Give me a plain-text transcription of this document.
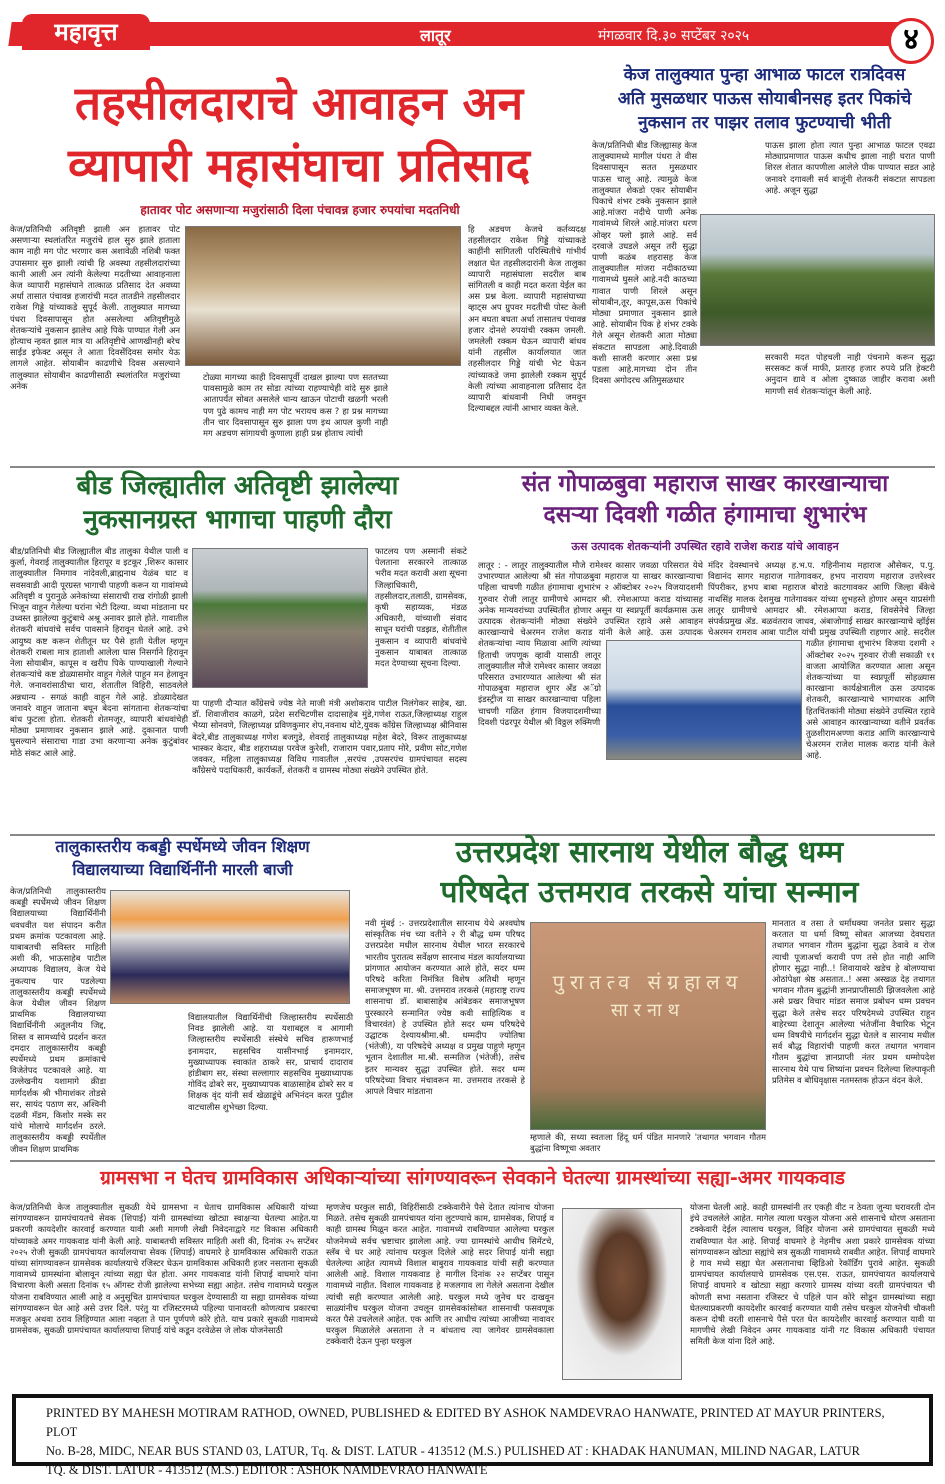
महावृत्त	लातूर	मंगळवार दि.३० सप्टेंबर २०२५	४
तहसीलदाराचे आवाहन अन
व्यापारी महासंघाचा प्रतिसाद
हातावर पोट असणाऱ्या मजुरांसाठी दिला पंचावन्न हजार रुपयांचा मदतनिधी
केज/प्रतिनिधी अतिवृष्टी झाली अन हातावर पोट असणाऱ्या स्थलांतरित मजुरांचे हाल सुरु झाले हाताला काम नाही मग पोट भरणार कस अशावेळी नशिबी फक्त उपासमार सुरु झाली त्यांची हि अवस्था तहसीलदारांच्या कानी आली अन त्यांनी केलेल्या मदतीच्या आवाहनाला केज व्यापारी महासंघाने तात्काळ प्रतिसाद देत अवघ्या अर्धा तासात पंचावन्न हजारांची मदत तातडीने तहसीलदार राकेश गिड्डे यांच्याकडे सुपूर्द केली. तालुक्यात मागच्या पंधरा दिवसापासून होत असलेल्या अतिवृष्टीमुळे शेतकऱ्यांचे नुकसान झालेच आहे पिके पाण्यात गेली अन होत्याच न्हवत झाल मात्र या अतिवृष्टीचे आणखीनही बरेच साईड इफेक्ट असून ते आता दिवसेंदिवस समोर येऊ लागले आहेत. सोयाबीन काढणीचे दिवस असल्याने तालुक्यात सोयाबीन काढणीसाठी स्थलांतरित मजुरांच्या अनेक
टोळ्या मागच्या काही दिवसापूर्वी दाखल झाल्या पण सततच्या पावसामुळे काम तर सोडा त्यांच्या राहण्याचेही वांदे सुरु झाले आतापर्यंत सोबत असलेले धान्य खाऊन पोटाची खळगी भरली पण पुढे कामच नाही मग पोट भरायच कस ? हा प्रश्न मागच्या तीन चार दिवसापासून सुरु झाला पण इथ आपल कुणी नाही मग अडचण सांगायची कुणाला हाही प्रश्न होताच त्यांची
हि अडचण केजचे कर्तव्यदक्ष तहसीलदार राकेश गिड्डे यांच्याकडे काहींनी सांगितली परिस्थितीचे गांभीर्य लक्षात घेत तहसीलदारांनी केज तालुका व्यापारी महासंघाला सदरील बाब सांगितली व काही मदत करता येईल का अस प्रश्न केला. व्यापारी महासंघाच्या व्हाट्स अप ग्रुपवर मदतीची पोस्ट केली अन बघता बघता अर्धा तासातच पंचावन्न हजार दोनशे रुपयांची रक्कम जमली. जमलेली रक्कम घेऊन व्यापारी बांधव यांनी तहसील कार्यालयात जात तहसीलदार गिड्डे यांची भेट घेऊन त्यांच्याकडे जमा झालेली रक्कम सुपूर्द केली त्यांच्या आवाहनाला प्रतिसाद देत व्यापारी बांधवानी निधी जमवून दिल्याबद्दल त्यांनी आभार व्यक्त केले.
केज तालुक्यात पुन्हा आभाळ फाटल रात्रदिवस
अति मुसळधार पाऊस सोयाबीनसह इतर पिकांचे
नुकसान तर पाझर तलाव फुटण्याची भीती
केज/प्रतिनिधी बीड जिल्ह्यासह केज तालुक्यामध्ये मागील पंधरा ते वीस दिवसापासून सतत मुसळधार पाऊस चालू आहे. त्यामुळे केज तालुक्यात शेकडो एकर सोयाबीन पिकाचे शंभर टक्के नुकसान झाले आहे.मांजरा नदीचे पाणी अनेक गावांमध्ये शिरले आहे.मांजरा धरण ओव्हर फ्लो झाले आहे. सर्व दरवाजे उघडले असून तरी सुद्धा पाणी कळंब शहरासह केज तालुक्यातील मांजरा नदीकाठच्या गावामध्ये घुसले आहे.नदी काठच्या गावात पाणी शिरले असून सोयाबीन,तूर, कापूस,ऊस पिकांचे मोठ्या प्रमाणात नुकसान झाले आहे. सोयाबीन पिक हे शंभर टक्के गेले असून शेतकरी आता मोठ्या संकटात सापडला आहे.दिवाळी कशी साजरी करणार असा प्रश्न पडला आहे.मागच्या दोन तीन दिवसा अगोदरच अतिमुसळधार
पाऊस झाला होता त्यात पुन्हा आभाळ फाटल एवढा मोठ्याप्रमाणात पाऊस कधीच झाला नाही घरात पाणी शिरल शेतात कापणीला आलेले पीक पाण्यात सडत आहे जनावरे दगावली सर्व बाजूंनी शेतकरी संकटात सापडला आहे. अजून सुद्धा
सरकारी मदत पोहचली नाही पंचनामे करून सुद्धा सरसकट कर्ज माफी, प्रतारह हजार रुपये प्रति हेक्टरी अनुदान द्यावे व ओला दुष्काळ जाहीर करावा अशी मागणी सर्व शेतकऱ्यांतून केली आहे.
बीड जिल्ह्यातील अतिवृष्टी झालेल्या
नुकसानग्रस्त भागाचा पाहणी दौरा
बीड/प्रतिनिधी बीड जिल्ह्यातील बीड तालुका येथील पाली व कुर्ला, गेवराई तालुक्यातील हिरापूर व इटकूर ,शिरूर कासार तालुक्यातील निमगाव नांदेवली,ब्राह्मनाथ येळंब घाट व सवसवाडी आदी पूरग्रस्त भागाची पाहणी करून या गावांमध्ये अतिवृष्टी व पुरानुळे अनेकांच्या संसाराची राख रांगोळी झाली भिजून वाहून गेलेल्या घरांना भेटी दिल्या. व्यथा मांडताना घर उध्वस्त झालेल्या कुटुंबाचे अश्रू अनावर झाले होते. गावातील शेतकरी बांधवांचे सर्वच पावसाने हिरावून घेतले आहे. उभे आयुष्य कष्ट करून शेतीतून घर पैसे हाती येतील म्हणून शेतकरी राबला मात्र हाताशी आलेला घास निसर्गाने हिरावून नेला सोयाबीन, कापूस व खरीप पिके पाण्याखाली गेल्याने शेतकऱ्यांचे कष्ट डोळ्यासमोर वाहून गेलेले पाहून मन हेलावून गेले. जनावरांसाठीचा चारा, शेतातील विहिरी, साठवलेले अन्नधान्य - सगळं काही वाहून गेले आहे. डोळ्यादेखत जनावरे वाहून जाताना बघून बेदना सांगताना शेतकऱ्यांचा बांध फुटला होता. शेतकरी शेतमजूर, व्यापारी बांधवांचेही मोठ्या प्रमाणावर नुकसान झाले आहे. दुकानात पाणी घुसल्याने संसाराचा गाडा उभा करणाऱ्या अनेक कुटुंबांवर मोठे संकट आले आहे.
फाटलय पण अस्मानी संकटे पेलताना सरकारने तात्काळ भरीव मदत करावी अशा सूचना जिल्हाधिकारी, तहसीलदार,तलाठी, ग्रामसेवक, कृषी सहाय्यक, मंडळ अधिकारी, यांच्याशी संवाद साधून घरांची पडझड, शेतीतील नुकसान व व्यापारी बांधवांचे नुकसान याबाबत तात्काळ मदत देण्याच्या सूचना दिल्या.
या पाहणी दौऱ्यात काँग्रेसचे ज्येष्ठ नेते माजी मंत्री अशोकराव पाटील निलंगेकर साहेब, खा. डॉ. शिवाजीराव काळगे, प्रदेश सरचिटणीस दादासाहेब मुंडे,गणेश राऊत,जिल्हाध्यक्ष राहुल भैय्या सोनवणे, जिल्हाध्यक्ष प्रविणकुमार शेप,नवनाथ थोटे,युवक काँग्रेस जिल्हाध्यक्ष श्रीनिवास बेदरे,बीड तालुकाध्यक्ष गणेश बजगुडे, शेवराई तालुकाध्यक्ष महेश बेदरे, विरूर तालुकाध्यक्ष भास्कर केदार, बीड शहराध्यक्ष परवेज कुरेशी, राजाराम पवार,प्रताप मोरे, प्रवीण सोट,गणेश जवकर, महिला तालुकाध्यक्ष विविध गावातील ,सरपंच ,उपसरपंच ग्रामपंचायत सदस्य काँग्रेसचे पदाधिकारी, कार्यकर्ते, शेतकरी व ग्रामस्थ मोठ्या संख्येने उपस्थित होते.
संत गोपाळबुवा महाराज साखर कारखान्याचा
दसऱ्या दिवशी गळीत हंगामाचा शुभारंभ
ऊस उत्पादक शेतकऱ्यांनी उपस्थित रहावे राजेश कराड यांचे आवाहन
लातूर : - लातूर तालुक्यातील मौजे रामेश्वर कासार जवळा परिसरात येथे उभारण्यात आलेल्या श्री संत गोपाळबुवा महाराज या साखर कारखान्याचा पहिला चाचणी गळीत हंगामाचा शुभारंभ २ ऑक्टोबर २०२५ विजयादशमी गुरुवार रोजी लातूर ग्रामीणचे आमदार श्री. रमेशआप्पा कराड यांच्यासह अनेक मान्यवरांच्या उपस्थितीत होणार असून या स्वप्नपूर्ती कार्यक्रमास ऊस उत्पादक शेतकऱ्यांनी मोठ्या संख्येने उपस्थित रहावे असे आवाहन कारखान्याचे चेअरमन राजेश कराड यांनी केले आहे. ऊस उत्पादक शेतकऱ्यांचा न्याय मिळावा आणि त्यांच्या हिताची जपणूक व्हावी यासाठी लातूर तालुक्यातील मौजे रामेश्वर कासार जवळा परिसरात उभारण्यात आलेल्या श्री संत गोपाळबुवा महाराज शुगर ॲंड अॅग्रो इंडस्ट्रीज या साखर कारखान्याचा पहिला चाचणी गळित हंगाम विजयादशमीच्या दिवशी पंढरपूर येथील श्री विठ्ठल रुक्मिणी
मंदिर देवस्थानचे अध्यक्ष ह.भ.प. गहिनीनाथ महाराज औसेकर, प.पु. विद्यानंद सागर महाराज गातेगावकर, हभप नारायण महाराज उत्तरेश्वर पिंपरीकर, हभप बाबा महाराज बोराडे काटगावकर आणि जिल्हा बँकेचे नाथसिंह मालक देशमुख गातेगावकर यांच्या शुभहस्ते होणार असून याप्रसंगी लातूर ग्रामीणचे आमदार श्री. रमेशआप्पा कराड, शिवसेनेचे जिल्हा संपर्कप्रमुख ॲड. बळवंतराव जाधव, अंबाजोगाई साखर कारखान्याचे व्हॉईस चेअरमन रामराव आबा पाटील यांची प्रमुख उपस्थिती राहणार आहे. सदरील गळीत हंगामाचा शुभारंभ विजया दशमी २ ऑक्टोबर २०२५ गुरुवार रोजी सकाळी ११ वाजता आयोजित करण्यात आला असून शेतकऱ्यांच्या या स्वप्नपूर्ती सोहळ्यास कारखाना कार्यक्षेत्रातील ऊस उत्पादक शेतकरी, कारखान्याचे भागधारक आणि हितचिंतकांनी मोठ्या संख्येने उपस्थित रहावे असे आवाहन कारखान्याच्या वतीने प्रवर्तक तुळशीरामअण्णा कराड आणि कारखान्याचे चेअरमन राजेश मालक कराड यांनी केले आहे.
तालुकास्तरीय कबड्डी स्पर्धेमध्ये जीवन शिक्षण
विद्यालयाच्या विद्यार्थिनींनी मारली बाजी
केज/प्रतिनिधी तालुकास्तरीय कबड्डी स्पर्धेमध्ये जीवन शिक्षण विद्यालयाच्या विद्यार्थिनींनी धवधवीत यश संपादन करीत प्रथम क्रमांक पटकावला आहे. याबाबतची सविस्तर माहिती अशी की, भाऊसाहेब पाटील अध्यापक विद्यालय, केज येथे नुकत्याच पार पडलेल्या तालुकास्तरीय कबड्डी स्पर्धेमध्ये केज येथील जीवन शिक्षण प्राथमिक विद्यालयाच्या विद्यार्थिनींनी अतुलनीय जिद्द, शिस्त व सामर्थ्याचे प्रदर्शन करत दमदार तालुकास्तरीय कबड्डी स्पर्धेमध्ये प्रथम क्रमांकाचे विजेतेपद पटकावले आहे. या उल्लेखनीय यशामागे क्रीडा मार्गदर्शक श्री भीमाशंकर तोडसे सर, सायंद पठाण सर, अश्विनी दळवी मॅडम, किशोर मस्के सर यांचे मोलाचे मार्गदर्शन ठरले. तालुकास्तरीय कबड्डी स्पर्धेतील जीवन शिक्षण प्राथमिक
विद्यालयातील विद्यार्थिनींची जिल्हास्तरीय स्पर्धेसाठी निवड झालेली आहे. या यशाबद्दल व आगामी जिल्हास्तरीय स्पर्धेसाठी संस्थेचे सचिव हारूणभाई इनामदार, सहसचिव यासीनभाई इनामदार, मुख्याध्यापक स्वाकांत ठाकरे सर, प्राचार्य दादाराव हांडीबाग सर, संस्था सल्लागार सहसचिव मुख्याध्यापक गोविंद ढोबरे सर, मुख्याध्यापक बाळासाहेब ढोबरे सर व शिक्षक वृंद यांनी सर्व खेळाडूंचे अभिनंदन करत पुढील वाटचालीस शुभेच्छा दिल्या.
उत्तरप्रदेश सारनाथ येथील बौद्ध धम्म
परिषदेत उत्तमराव तरकसे यांचा सन्मान
नवी मुंबई :- उत्तरप्रदेशातील सारनाथ येथे अश्वघोष सांस्कृतिक मंच च्या वतीने २ री बौद्ध धम्म परिषद उत्तरप्रदेश मधील सारनाथ येथील भारत सरकारचे भारतीय पुरातत्व सर्वेक्षण सारनाथ मंडल कार्यालयाच्या प्रांगणात आयोजन करण्यात आले होते, सदर धम्म परिषदे करिता निमंत्रित विशेष अतिथी म्हणून समाजभूषण मा. श्री. उत्तमराव तरकसे (महाराष्ट्र राज्य शासनाचा डॉ. बाबासाहेब आंबेडकर समाजभूषण पुरस्कारने सन्मानित ज्येष्ठ कवी साहित्यिक व विचारवंत) हे उपस्थित होते सदर धम्म परिषदेचे उद्घाटक देश्यायश्रीमा.श्री. धम्मदीप ज्योतिषा (भंतेजी), या परिषदेचे अध्यक्ष व प्रमुख पाहुणे म्हणून भूतान देशातील मा.श्री. सन्मतिज (भंतेजी), तसेच इतर मान्यवर सुद्धा उपस्थित होते. सदर धम्म परिषदेच्या विचार मंचावरून मा. उत्तमराव तरकसे हे आपले विचार मांडताना
पुरातत्व संग्रहालय
सारनाथ
म्हणाले की, सध्या स्वतःला हिंदू धर्म पंडित मानणारे 'तथागत भगवान गौतम बुद्धांना विष्णूचा अवतार
मानतात व तसा ते धर्मांधक्या जनतेत प्रसार सुद्धा करतात या धर्मा विष्णू सोबत आजच्या देवघरात तथागत भगवान गौतम बुद्धांना सुद्धा ठेवावे व रोज त्याची पूजाअर्चा करावी पण तसे होत नाही आणि होणार सुद्धा नाही..! शिवायावरे खडेच हे बोलण्याचा ओठांपेक्षा श्रेष्ठ असतात..! असा अस्खळ देह तथागत भगवान गौतम बुद्धांनी ज्ञानप्राप्तीसाठी झिजवलेला आहे असे प्रखर विचार मांडत समाज प्रबोधन धम्म प्रवचन सुद्धा केले तसेच सदर परिषदेमध्ये उपस्थित राहून बाहेरच्या देशातून आलेल्या भंतेजींना वैचारिक भेटून धम्म विषयीचे मार्गदर्शन सुद्धा घेतले व सारनाथ मधील सर्व बौद्ध विहारांची पाहणी करत तथागत भगवान गौतम बुद्धांचा ज्ञानप्राप्ती नंतर प्रथम धम्मोपदेश सारनाथ येथे पाच शिष्यांना प्रवचन दिलेल्या शिल्पाकृती प्रतिमेस व बोधिवृक्षास नतमस्तक होऊन वंदन केले.
ग्रामसभा न घेतच ग्रामविकास अधिकाऱ्यांच्या सांगण्यावरून सेवकाने घेतल्या ग्रामस्थांच्या सह्या-अमर गायकवाड
केज/प्रतिनिधी केज तालुक्यातील सुकळी येथे ग्रामसभा न घेताच ग्रामविकास अधिकारी यांच्या सांगण्यावरून ग्रामपंचायतचे सेवक (शिपाई) यांनी ग्रामस्थांच्या खोट्या स्वाक्षऱ्या घेतल्या आहेत.या प्रकरणी कायदेशीर कारवाई करण्यात यावी अशी मागणी लेखी निवेदनाद्वारे गट विकास अधिकारी यांच्याकडे अमर गायकवाड यांनी केली आहे. याबाबतची सविस्तर माहिती अशी की, दिनांक २५ सप्टेंबर २०२५ रोजी सुकळी ग्रामपंचायत कार्यालयाचा सेवक (शिपाई) वाघमारे हे ग्रामविकास अधिकारी राऊत यांच्या सांगण्यावरून ग्रामसेवक कार्यालयाचे रजिस्टर घेऊन ग्रामविकास अधिकारी हजर नसताना सुकळी गावामध्ये ग्रामस्थांना बोलावून त्यांच्या सह्या घेत होता. अमर गायकवाड यांनी शिपाई वाघमारे यांना विचारणा केली असता दिनांक १५ ऑगस्ट रोजी झालेल्या सभेच्या सह्या आहेत. तसेच गावामध्ये घरकुल योजना राबविण्यात आली आहे व अनुसूचित ग्रामपंचायत घरकुल देण्यासाठी या सह्या ग्रामसेवक यांच्या सांगण्यावरून घेत आहे असे उत्तर दिले. परंतु या रजिस्टरमध्ये पहिल्या पानावरती कोणत्याच प्रकारचा मजकूर अथवा ठराव लिहिण्यात आला नव्हता ते पान पूर्णपणे कोरे होते. याच प्रकारे सुकळी गावामध्ये ग्रामसेवक, सुकळी ग्रामपंचायत कार्यालयाचा शिपाई यांचे कडून दरवेळेस जे लोक योजनेसाठी
म्हणजेच घरकुल साठी, विहिरींसाठी टक्केवारीने पैसे देतात त्यांनाच योजना मिळते. तसेच सुकळी ग्रामपंचायत यांना लुटण्याचे काम, ग्रामसेवक, शिपाई व काही ग्रामस्थ मिळून करत आहेत. गावामध्ये राबविण्यात आलेल्या घरकुल योजनेमध्ये सर्वच भ्रष्टाचार झालेला आहे. ज्या ग्रामस्थांचे आधीच सिमेंटचे, स्लॅब चे घर आहे त्यांनाच घरकुल दिलेले आहे सदर शिपाई यांनी सह्या घेतलेल्या आहेत त्यामध्ये विशाल बाबुराव गायकवाड यांची सही करण्यात आलेली आहे. विशाल गायकवाड हे मागील दिनांक २२ सप्टेंबर पासून गावामध्ये नाहीत. विशाल गायकवाड हे मजलगाव ला गेलेले असताना देखील त्यांची सही करण्यात आलेली आहे. घरकुल मध्ये जुनेच घर दाखवून साळ्यांनीच घरकुल योजना उचलून ग्रामसेवकांसोबत शासनाची फसवणूक करत पैसे उचलेलले आहेत. एक आणि तर आधीच त्यांच्या आजीच्या नावावर घरकुल मिळालेले असताना ते न बांधताच त्या जागेवर ग्रामसेवकाला टक्केवारी देऊन पुन्हा घरकुल
योजना घेतली आहे. काही ग्रामस्थांनी तर एकही वीट न ठेवता जुन्या घरावरती दोन इंचे उचललेले आहेत. मागेल त्याला घरकुल योजना असे शासनाचे धोरण असताना टक्केवारी देईल त्यालाच घरकुल, विहिर योजना असे ग्रामपंचायत सुकळी मध्ये राबविण्यात येत आहे. शिपाई वाघमारे हे नेहमीच अशा प्रकारे ग्रामसेवक यांच्या सांगण्यावरून खोट्या सह्यांचे सत्र सुकळी गावामध्ये राबवीत आहेत. शिपाई वाघमारे हे गाव मध्ये सह्या घेत असतानाचा व्हिडिओ रेकॉर्डिंग पुरावे आहेत. सुकळी ग्रामपंचायत कार्यालयाचे ग्रामसेवक एस.एस. राऊत, ग्रामपंचायत कार्यालयाचे शिपाई वाघमारे व खोट्या सह्या करणारे ग्रामस्थ यांच्या वरती ग्रामपंचायत ची कोणती सभा नसताना रजिस्टर चे पहिले पान कोरे सोडून ग्रामस्थांच्या सह्या घेतल्याप्रकरणी कायदेशीर कारवाई करण्यात यावी तसेच घरकुल योजनेची चौकशी करून दोषी वरती शासनाचे पैसे परत घेत कायदेशीर कारवाई करण्यात यावी या मागणीचे लेखी निवेदन अमर गायकवाड यांनी गट विकास अधिकारी पंचायत समिती केज यांना दिले आहे.
PRINTED BY MAHESH MOTIRAM RATHOD, OWNED, PUBLISHED & EDITED BY ASHOK NAMDEVRAO HANWATE, PRINTED AT MAYUR PRINTERS, PLOT
No. B-28, MIDC, NEAR BUS STAND 03, LATUR, Tq. & DIST. LATUR - 413512 (M.S.) PULISHED AT : KHADAK HANUMAN, MILIND NAGAR, LATUR
TQ. & DIST. LATUR - 413512 (M.S.) EDITOR : ASHOK NAMDEVRAO HANWATE
